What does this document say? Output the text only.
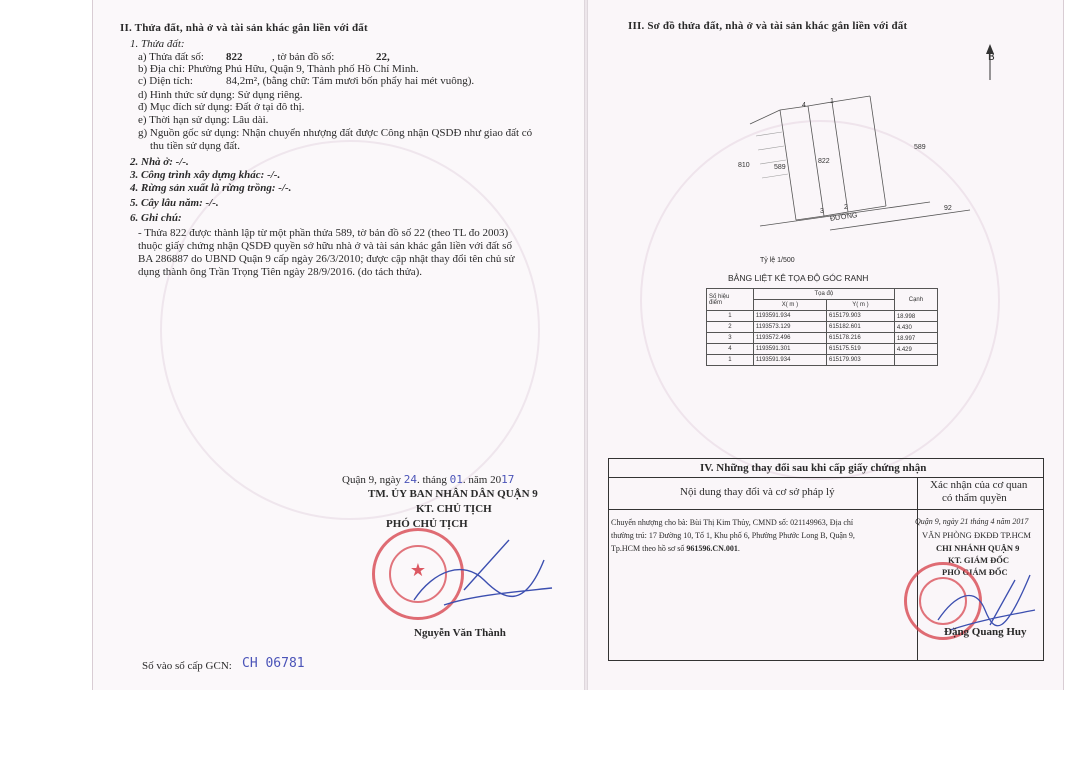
II. Thửa đất, nhà ở và tài sản khác gắn liền với đất
1. Thửa đất:
a) Thửa đất số: 822	, tờ bản đồ số:	22,
b) Địa chỉ: Phường Phú Hữu, Quận 9, Thành phố Hồ Chí Minh.
c) Diện tích:	84,2m², (bằng chữ: Tám mươi bốn phẩy hai mét vuông).
d) Hình thức sử dụng: Sử dụng riêng.
đ) Mục đích sử dụng: Đất ở tại đô thị.
e) Thời hạn sử dụng: Lâu dài.
g) Nguồn gốc sử dụng: Nhận chuyển nhượng đất được Công nhận QSDĐ như giao đất có
thu tiền sử dụng đất.
2. Nhà ở: -/-.
3. Công trình xây dựng khác: -/-.
4. Rừng sản xuất là rừng trồng: -/-.
5. Cây lâu năm: -/-.
6. Ghi chú:
- Thửa 822 được thành lập từ một phần thửa 589, tờ bản đồ số 22 (theo TL đo 2003)
thuộc giấy chứng nhận QSDĐ quyền sở hữu nhà ở và tài sản khác gắn liền với đất số
BA 286887 do UBND Quận 9 cấp ngày 26/3/2010; được cập nhật thay đổi tên chủ sử
dụng thành ông Trần Trọng Tiên ngày 28/9/2016. (do tách thửa).
Quận 9, ngày 24. tháng 01. năm 2017
TM. ỦY BAN NHÂN DÂN QUẬN 9
KT. CHỦ TỊCH
PHÓ CHỦ TỊCH
★
Nguyễn Văn Thành
Số vào sổ cấp GCN: CH 06781
III. Sơ đồ thửa đất, nhà ở và tài sản khác gắn liền với đất
B
4
1
3
2
810	589
822
589
92
ĐƯỜNG
Tỷ lệ 1/500
BẢNG LIỆT KÊ TỌA ĐỘ GÓC RANH
Số hiệu
điểm	Tọa độ		Cạnh
	X( m )	Y( m )	
1	1193591.934	615179.903	18.998
2	1193573.129	615182.601	4.430
3	1193572.496	615178.216	18.997
4	1193591.301	615175.519	4.429
1	1193591.934	615179.903	
IV. Những thay đổi sau khi cấp giấy chứng nhận
Nội dung thay đổi và cơ sở pháp lý
Xác nhận của cơ quan
có thẩm quyền
Chuyển nhượng cho bà: Bùi Thị Kim Thủy, CMND số: 021149963, Địa chỉ
thường trú: 17 Đường 10, Tổ 1, Khu phố 6, Phường Phước Long B, Quận 9,
Tp.HCM theo hồ sơ số 961596.CN.001.
Quận 9, ngày 21 tháng 4 năm 2017
VĂN PHÒNG ĐKĐĐ TP.HCM
CHI NHÁNH QUẬN 9
KT. GIÁM ĐỐC
PHÓ GIÁM ĐỐC
Đặng Quang Huy
